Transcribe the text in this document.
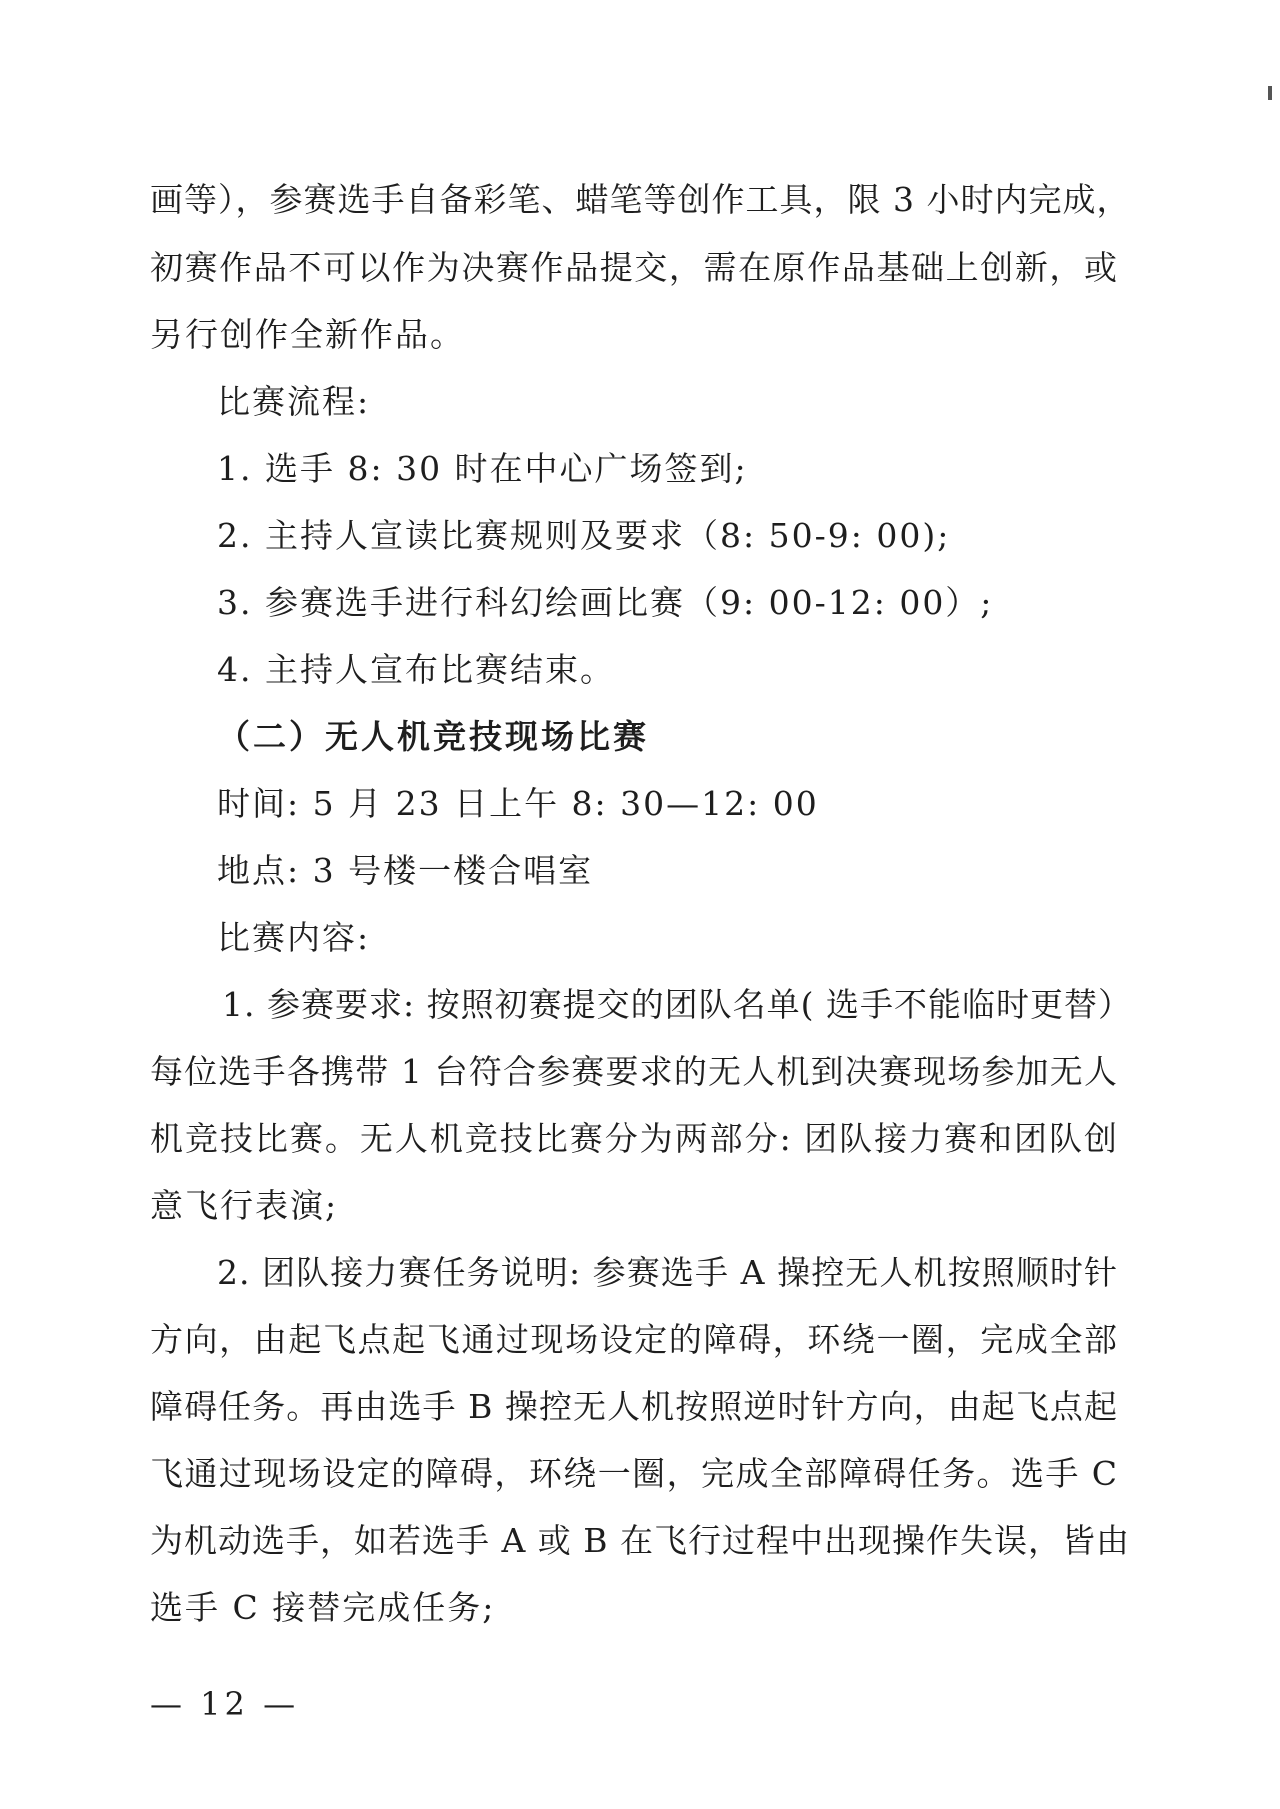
画等），参赛选手自备彩笔、蜡笔等创作工具，限 3 小时内完成，
初赛作品不可以作为决赛作品提交，需在原作品基础上创新，或
另行创作全新作品。
比赛流程:
1. 选手 8: 30 时在中心广场签到;
2. 主持人宣读比赛规则及要求（8: 50-9: 00);
3. 参赛选手进行科幻绘画比赛（9: 00-12: 00）;
4. 主持人宣布比赛结束。
（二）无人机竞技现场比赛
时间: 5 月 23 日上午 8: 30—12: 00
地点: 3 号楼一楼合唱室
比赛内容:
1. 参赛要求: 按照初赛提交的团队名单( 选手不能临时更替）
每位选手各携带 1 台符合参赛要求的无人机到决赛现场参加无人
机竞技比赛。无人机竞技比赛分为两部分: 团队接力赛和团队创
意飞行表演;
2. 团队接力赛任务说明: 参赛选手 A 操控无人机按照顺时针
方向，由起飞点起飞通过现场设定的障碍，环绕一圈，完成全部
障碍任务。再由选手 B 操控无人机按照逆时针方向，由起飞点起
飞通过现场设定的障碍，环绕一圈，完成全部障碍任务。选手 C
为机动选手，如若选手 A 或 B 在飞行过程中出现操作失误，皆由
选手 C 接替完成任务;
— 12 —
